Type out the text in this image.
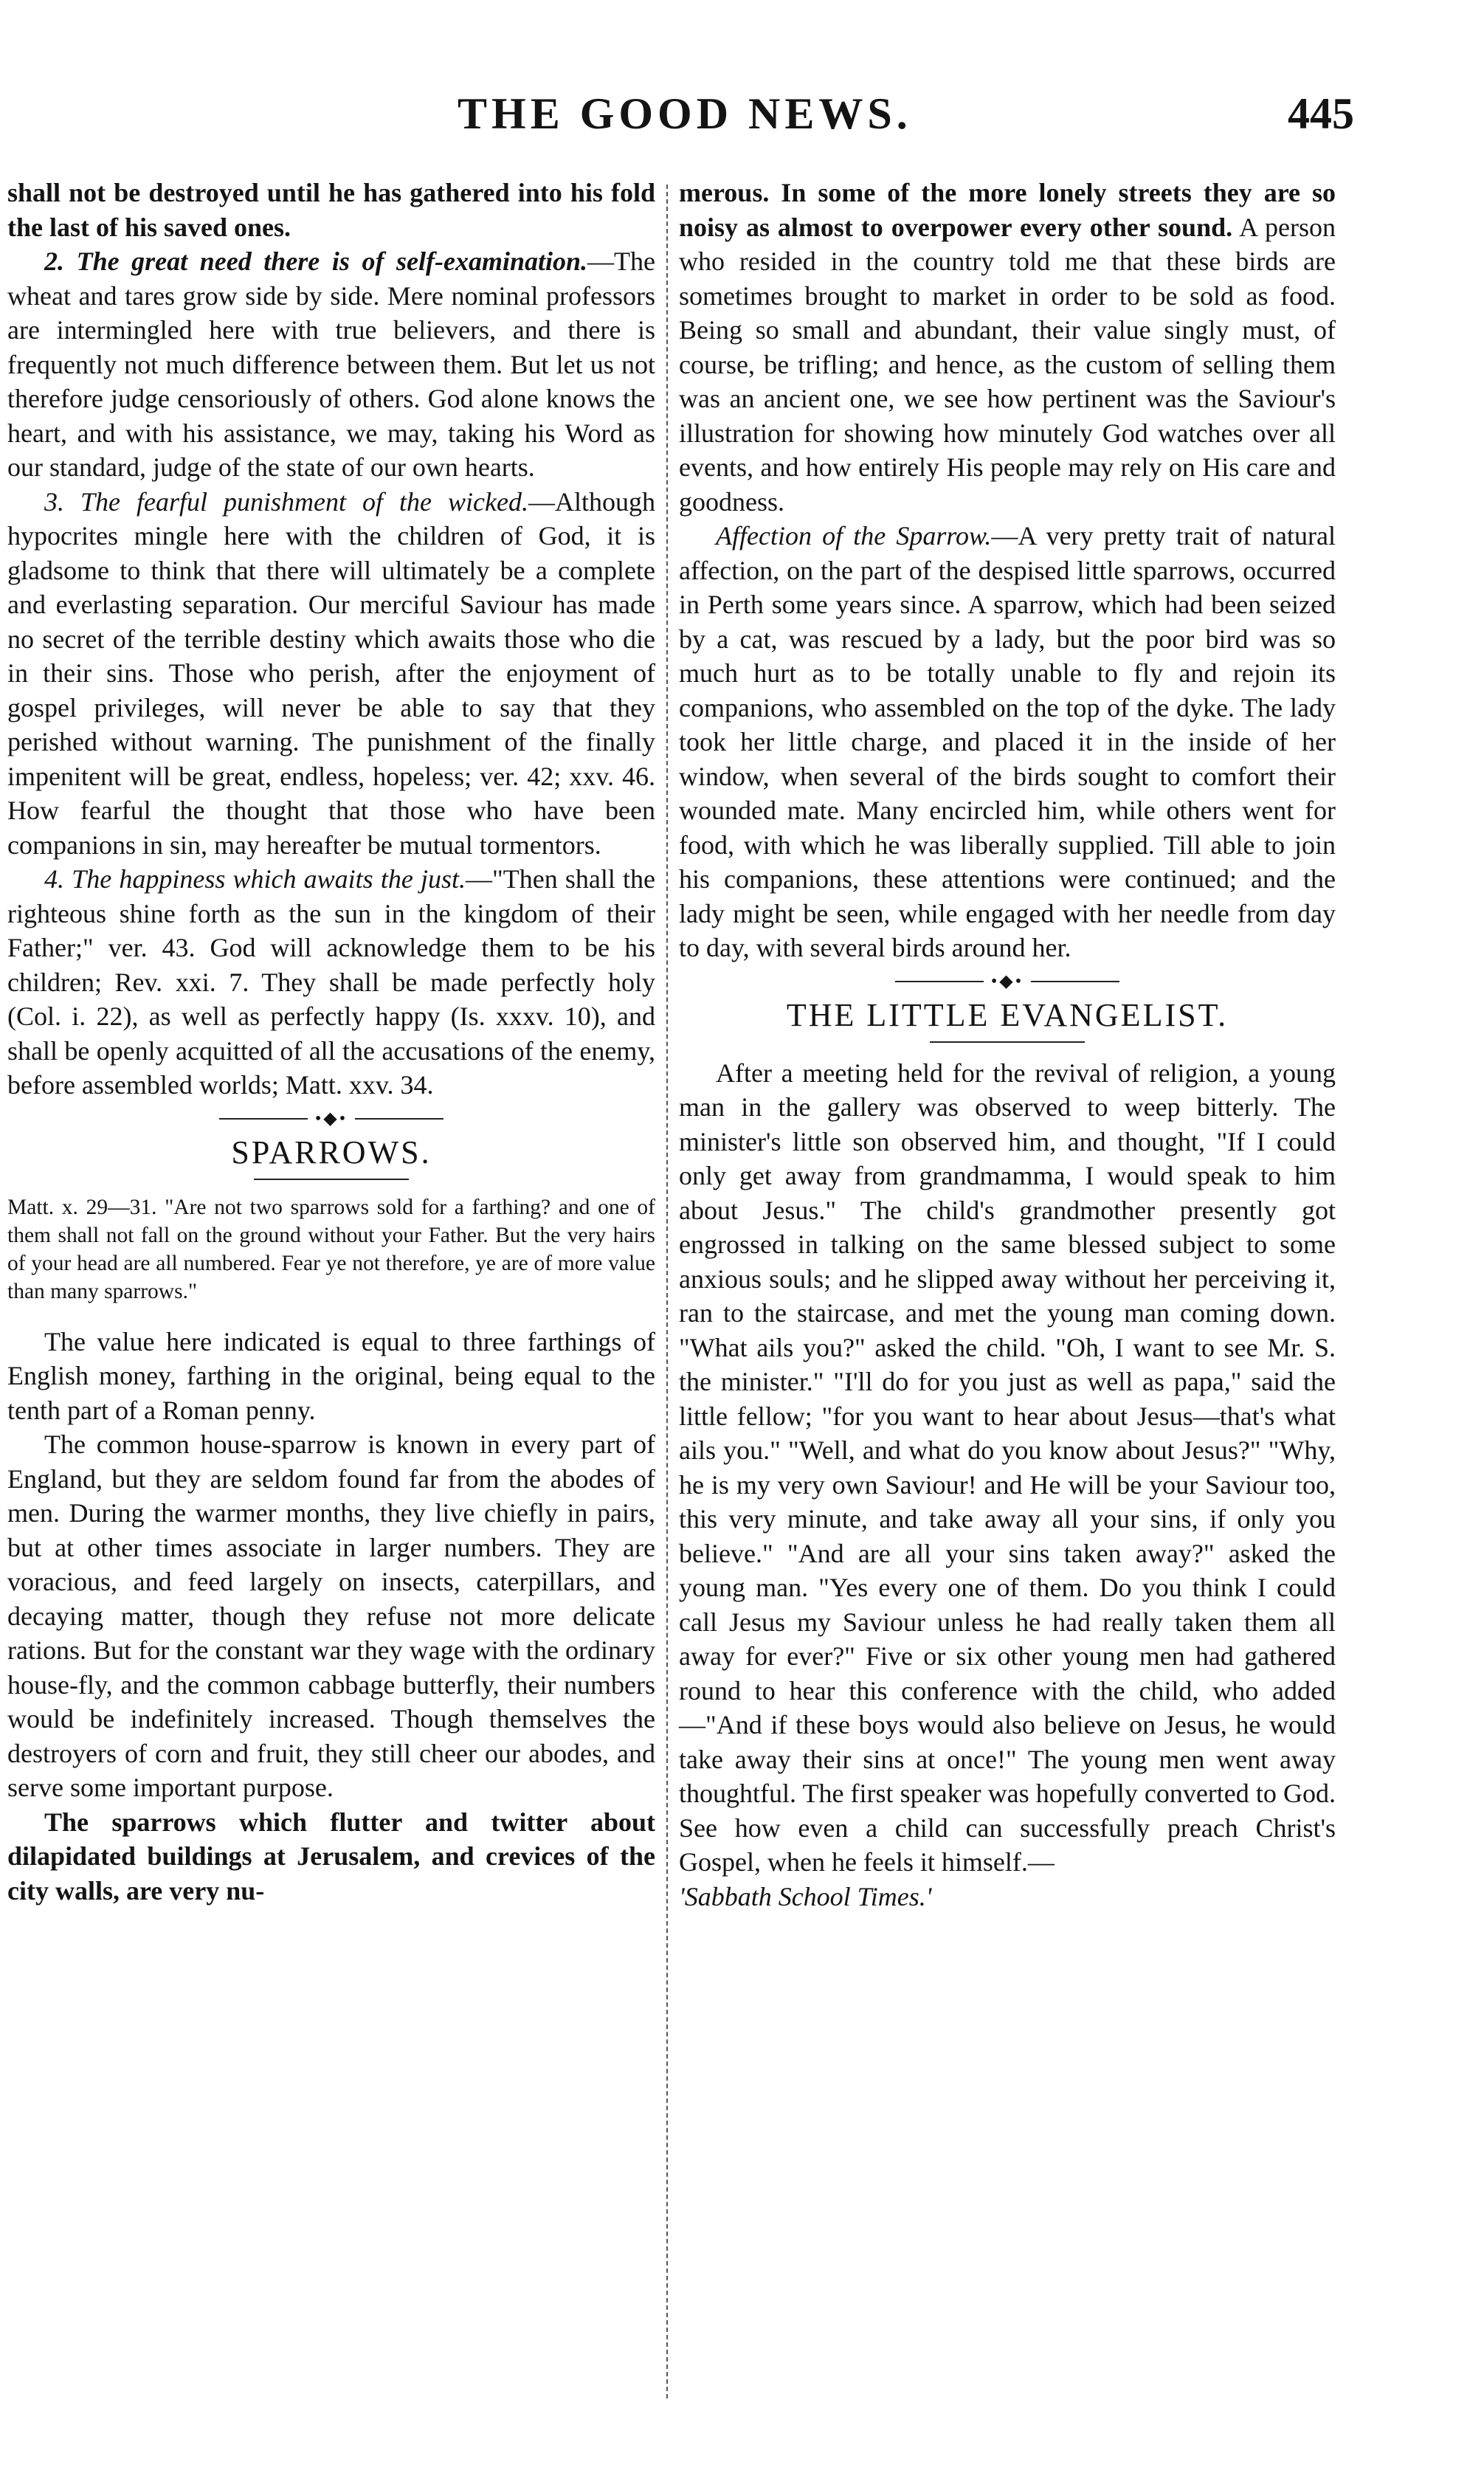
THE GOOD NEWS.	445

shall not be destroyed until he has gathered into his fold the last of his saved ones.

2. The great need there is of self-examination.—The wheat and tares grow side by side. Mere nominal professors are intermingled here with true believers, and there is frequently not much difference between them. But let us not therefore judge censoriously of others. God alone knows the heart, and with his assistance, we may, taking his Word as our standard, judge of the state of our own hearts.

3. The fearful punishment of the wicked.—Although hypocrites mingle here with the children of God, it is gladsome to think that there will ultimately be a complete and everlasting separation. Our merciful Saviour has made no secret of the terrible destiny which awaits those who die in their sins. Those who perish, after the enjoyment of gospel privileges, will never be able to say that they perished without warning. The punishment of the finally impenitent will be great, endless, hopeless; ver. 42; xxv. 46. How fearful the thought that those who have been companions in sin, may hereafter be mutual tormentors.

4. The happiness which awaits the just.—"Then shall the righteous shine forth as the sun in the kingdom of their Father;" ver. 43. God will acknowledge them to be his children; Rev. xxi. 7. They shall be made perfectly holy (Col. i. 22), as well as perfectly happy (Is. xxxv. 10), and shall be openly acquitted of all the accusations of the enemy, before assembled worlds; Matt. xxv. 34.

•◆•
SPARROWS.

Matt. x. 29—31. "Are not two sparrows sold for a farthing? and one of them shall not fall on the ground without your Father. But the very hairs of your head are all numbered. Fear ye not therefore, ye are of more value than many sparrows."

The value here indicated is equal to three farthings of English money, farthing in the original, being equal to the tenth part of a Roman penny.

The common house-sparrow is known in every part of England, but they are seldom found far from the abodes of men. During the warmer months, they live chiefly in pairs, but at other times associate in larger numbers. They are voracious, and feed largely on insects, caterpillars, and decaying matter, though they refuse not more delicate rations. But for the constant war they wage with the ordinary house-fly, and the common cabbage butterfly, their numbers would be indefinitely increased. Though themselves the destroyers of corn and fruit, they still cheer our abodes, and serve some important purpose.

The sparrows which flutter and twitter about dilapidated buildings at Jerusalem, and crevices of the city walls, are very nu-

merous. In some of the more lonely streets they are so noisy as almost to overpower every other sound. A person who resided in the country told me that these birds are sometimes brought to market in order to be sold as food. Being so small and abundant, their value singly must, of course, be trifling; and hence, as the custom of selling them was an ancient one, we see how pertinent was the Saviour's illustration for showing how minutely God watches over all events, and how entirely His people may rely on His care and goodness.

Affection of the Sparrow.—A very pretty trait of natural affection, on the part of the despised little sparrows, occurred in Perth some years since. A sparrow, which had been seized by a cat, was rescued by a lady, but the poor bird was so much hurt as to be totally unable to fly and rejoin its companions, who assembled on the top of the dyke. The lady took her little charge, and placed it in the inside of her window, when several of the birds sought to comfort their wounded mate. Many encircled him, while others went for food, with which he was liberally supplied. Till able to join his companions, these attentions were continued; and the lady might be seen, while engaged with her needle from day to day, with several birds around her.

•◆•
THE LITTLE EVANGELIST.

After a meeting held for the revival of religion, a young man in the gallery was observed to weep bitterly. The minister's little son observed him, and thought, "If I could only get away from grandmamma, I would speak to him about Jesus." The child's grandmother presently got engrossed in talking on the same blessed subject to some anxious souls; and he slipped away without her perceiving it, ran to the staircase, and met the young man coming down. "What ails you?" asked the child. "Oh, I want to see Mr. S. the minister." "I'll do for you just as well as papa," said the little fellow; "for you want to hear about Jesus—that's what ails you." "Well, and what do you know about Jesus?" "Why, he is my very own Saviour! and He will be your Saviour too, this very minute, and take away all your sins, if only you believe." "And are all your sins taken away?" asked the young man. "Yes every one of them. Do you think I could call Jesus my Saviour unless he had really taken them all away for ever?" Five or six other young men had gathered round to hear this conference with the child, who added—"And if these boys would also believe on Jesus, he would take away their sins at once!" The young men went away thoughtful. The first speaker was hopefully converted to God. See how even a child can successfully preach Christ's Gospel, when he feels it himself.—

'Sabbath School Times.'
